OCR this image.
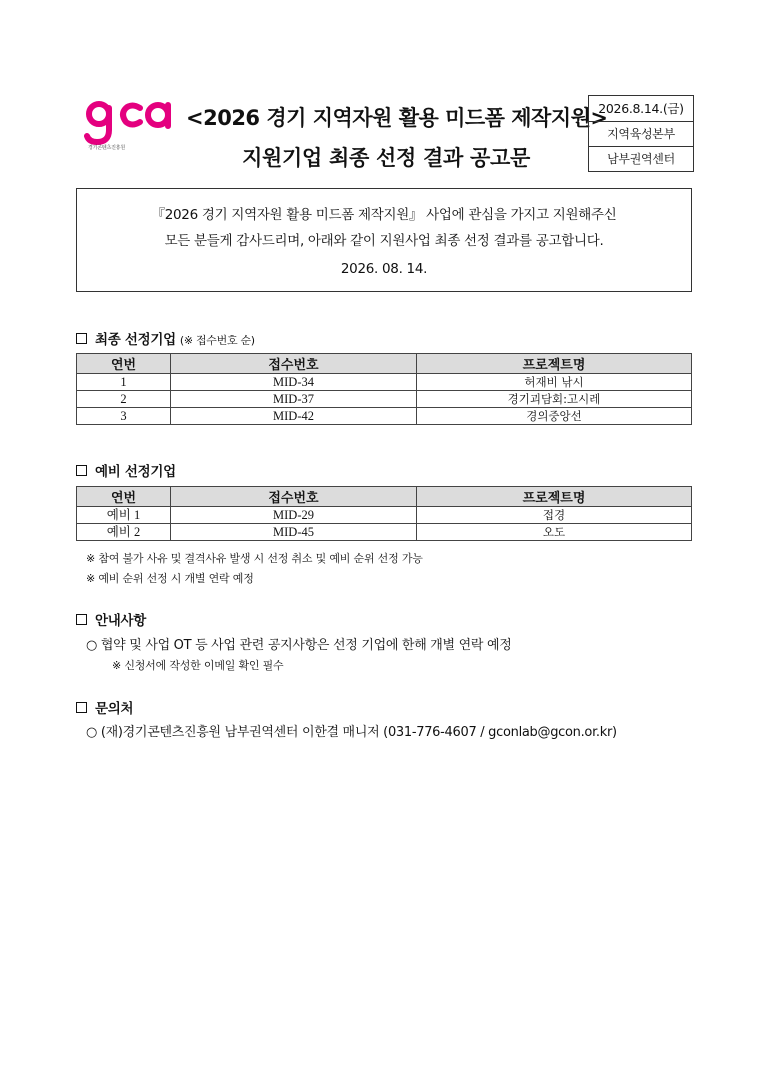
경기콘텐츠진흥원
<2026 경기 지역자원 활용 미드폼 제작지원>
지원기업 최종 선정 결과 공고문
2026.8.14.(금)
지역육성본부
남부권역센터

『2026 경기 지역자원 활용 미드폼 제작지원』 사업에 관심을 가지고 지원해주신

모든 분들게 감사드리며, 아래와 같이 지원사업 최종 선정 결과를 공고합니다.

2026. 08. 14.

최종 선정기업 (※ 접수번호 순)
연번	접수번호	프로젝트명
1	MID-34	허재비 낚시
2	MID-37	경기괴담회:고시레
3	MID-42	경의중앙선
예비 선정기업
연번	접수번호	프로젝트명
예비 1	MID-29	접경
예비 2	MID-45	오도
※ 참여 불가 사유 및 결격사유 발생 시 선정 취소 및 예비 순위 선정 가능
※ 예비 순위 선정 시 개별 연락 예정
안내사항
○ 협약 및 사업 OT 등 사업 관련 공지사항은 선정 기업에 한해 개별 연락 예정
※ 신청서에 작성한 이메일 확인 필수
문의처
○ (재)경기콘텐츠진흥원 남부권역센터 이한결 매니저 (031-776-4607 / gconlab@gcon.or.kr)
